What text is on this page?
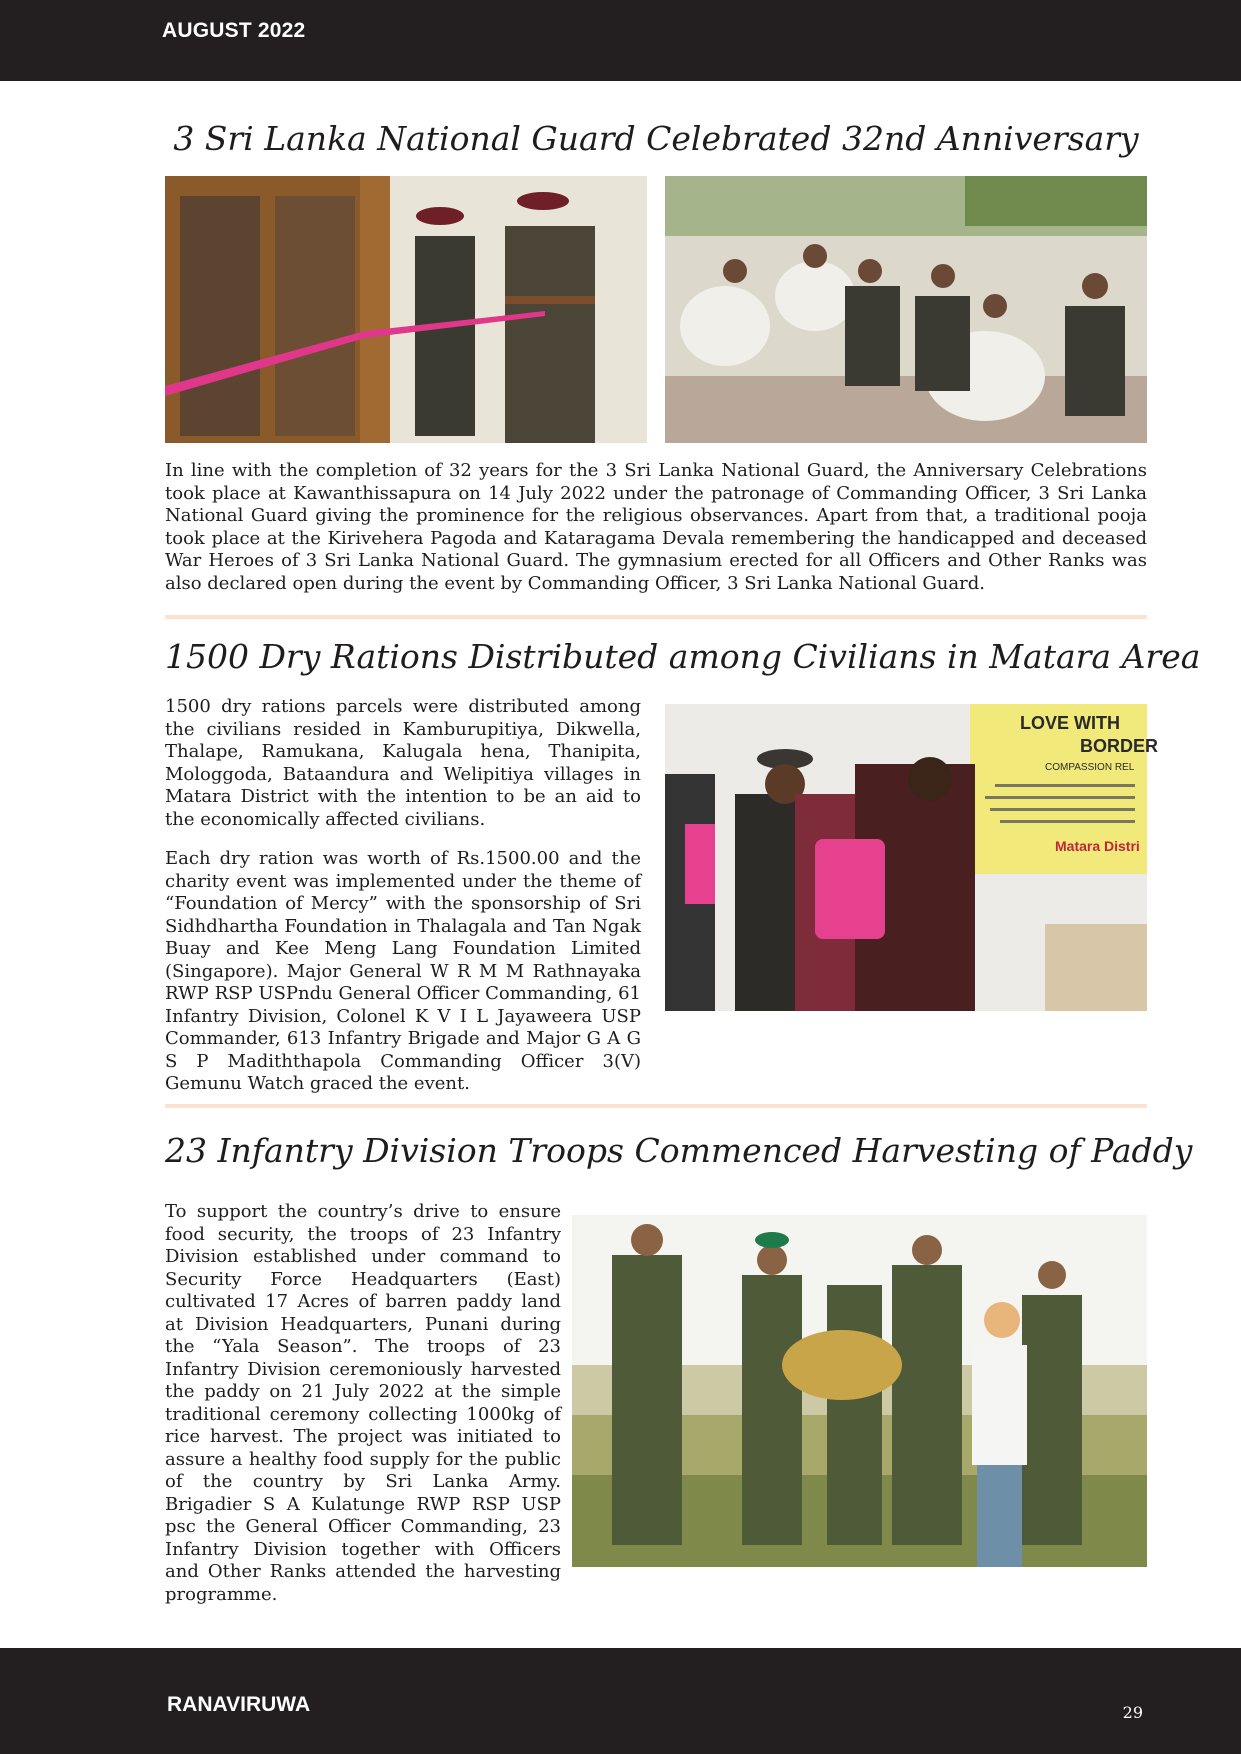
AUGUST 2022
3 Sri Lanka National Guard Celebrated 32nd Anniversary
In line with the completion of 32 years for the 3 Sri Lanka National Guard, the Anniversary Celebrations took place at Kawanthissapura on 14 July 2022 under the patronage of Commanding Officer, 3 Sri Lanka National Guard giving the prominence for the religious observances. Apart from that, a traditional pooja took place at the Kirivehera Pagoda and Kataragama Devala remembering the handicapped and deceased War Heroes of 3 Sri Lanka National Guard. The gymnasium erected for all Officers and Other Ranks was also declared open during the event by Commanding Officer, 3 Sri Lanka National Guard.
1500 Dry Rations Distributed among Civilians in Matara Area
1500 dry rations parcels were distributed among the civilians resided in Kamburupitiya, Dikwella, Thalape, Ramukana, Kalugala hena, Thanipita, Mologgoda, Bataandura and Welipitiya villages in Matara District with the intention to be an aid to the economically affected civilians.
Each dry ration was worth of Rs.1500.00 and the charity event was implemented under the theme of “Foundation of Mercy” with the sponsorship of Sri Sidhdhartha Foundation in Thalagala and Tan Ngak Buay and Kee Meng Lang Foundation Limited (Singapore). Major General W R M M Rathnayaka RWP RSP USPndu General Officer Commanding, 61 Infantry Division, Colonel K V I L Jayaweera USP Commander, 613 Infantry Brigade and Major G A G S P Madiththapola Commanding Officer 3(V) Gemunu Watch graced the event.
LOVE WITH
BORDER
COMPASSION REL
Matara Distri
23 Infantry Division Troops Commenced Harvesting of Paddy
To support the country’s drive to ensure food security, the troops of 23 Infantry Division established under command to Security Force Headquarters (East) cultivated 17 Acres of barren paddy land at Division Headquarters, Punani during the “Yala Season”. The troops of 23 Infantry Division ceremoniously harvested the paddy on 21 July 2022 at the simple traditional ceremony collecting 1000kg of rice harvest. The project was initiated to assure a healthy food supply for the public of the country by Sri Lanka Army. Brigadier S A Kulatunge RWP RSP USP psc the General Officer Commanding, 23 Infantry Division together with Officers and Other Ranks attended the harvesting programme.
RANAVIRUWA	29
